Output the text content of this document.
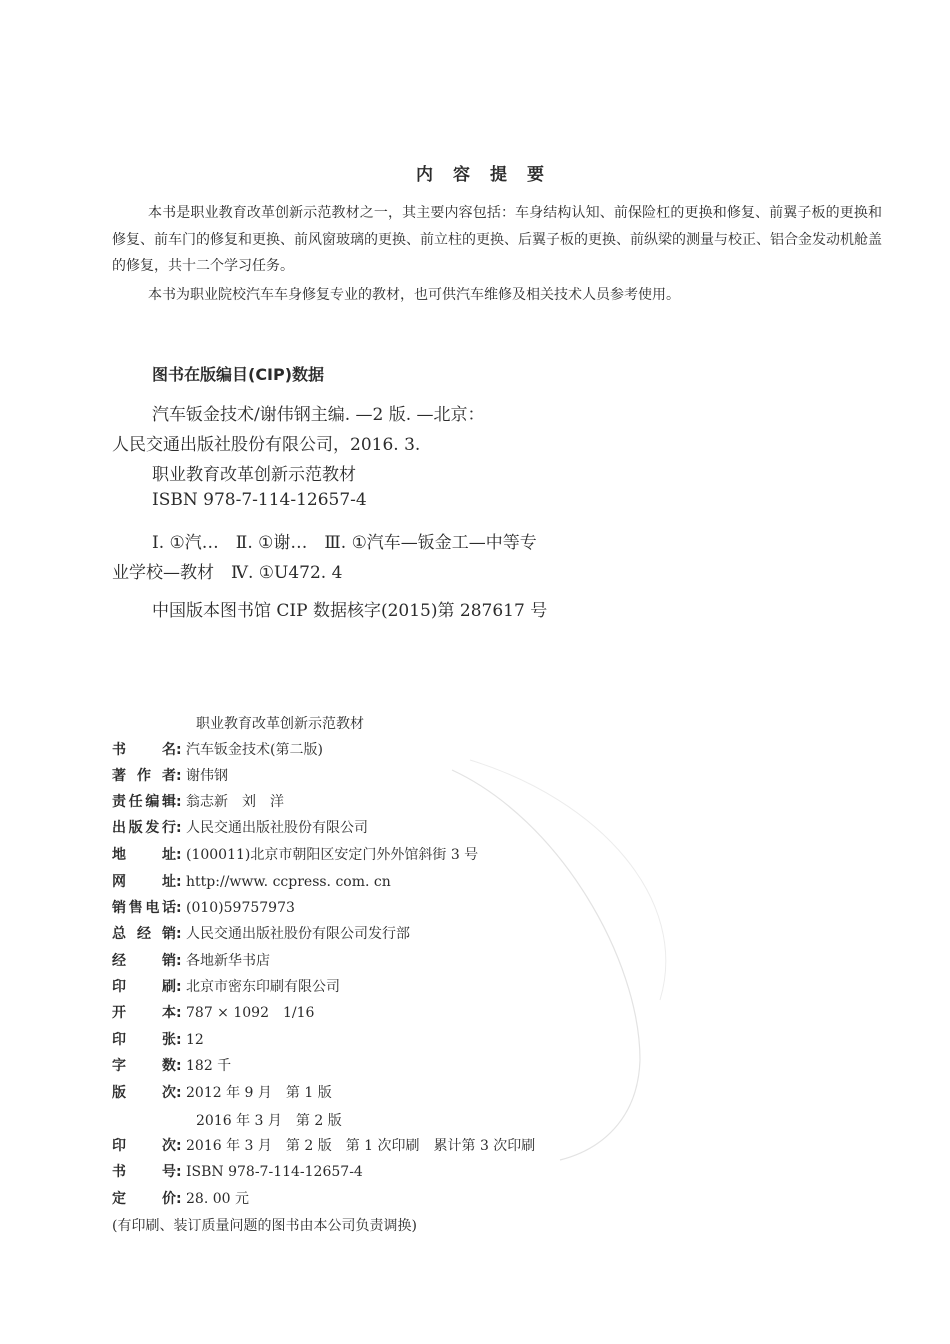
内容提要
本书是职业教育改革创新示范教材之一，其主要内容包括：车身结构认知、前保险杠的更换和修复、前翼子板的更换和修复、前车门的修复和更换、前风窗玻璃的更换、前立柱的更换、后翼子板的更换、前纵梁的测量与校正、铝合金发动机舱盖的修复，共十二个学习任务。
本书为职业院校汽车车身修复专业的教材，也可供汽车维修及相关技术人员参考使用。
图书在版编目(CIP)数据
汽车钣金技术/谢伟钢主编. —2 版. —北京：
人民交通出版社股份有限公司，2016. 3.
职业教育改革创新示范教材
ISBN 978-7-114-12657-4
Ⅰ. ①汽…　Ⅱ. ①谢…　Ⅲ. ①汽车—钣金工—中等专
业学校—教材　Ⅳ. ①U472. 4
中国版本图书馆 CIP 数据核字(2015)第 287617 号
职业教育改革创新示范教材
书名: 汽车钣金技术(第二版)
著作者: 谢伟钢
责任编辑: 翁志新　刘　洋
出版发行: 人民交通出版社股份有限公司
地址: (100011)北京市朝阳区安定门外外馆斜街 3 号
网址: http://www. ccpress. com. cn
销售电话: (010)59757973
总经销: 人民交通出版社股份有限公司发行部
经销: 各地新华书店
印刷: 北京市密东印刷有限公司
开本: 787 × 1092　1/16
印张: 12
字数: 182 千
版次: 2012 年 9 月　第 1 版
2016 年 3 月　第 2 版
印次: 2016 年 3 月　第 2 版　第 1 次印刷　累计第 3 次印刷
书号: ISBN 978-7-114-12657-4
定价: 28. 00 元
(有印刷、装订质量问题的图书由本公司负责调换)
